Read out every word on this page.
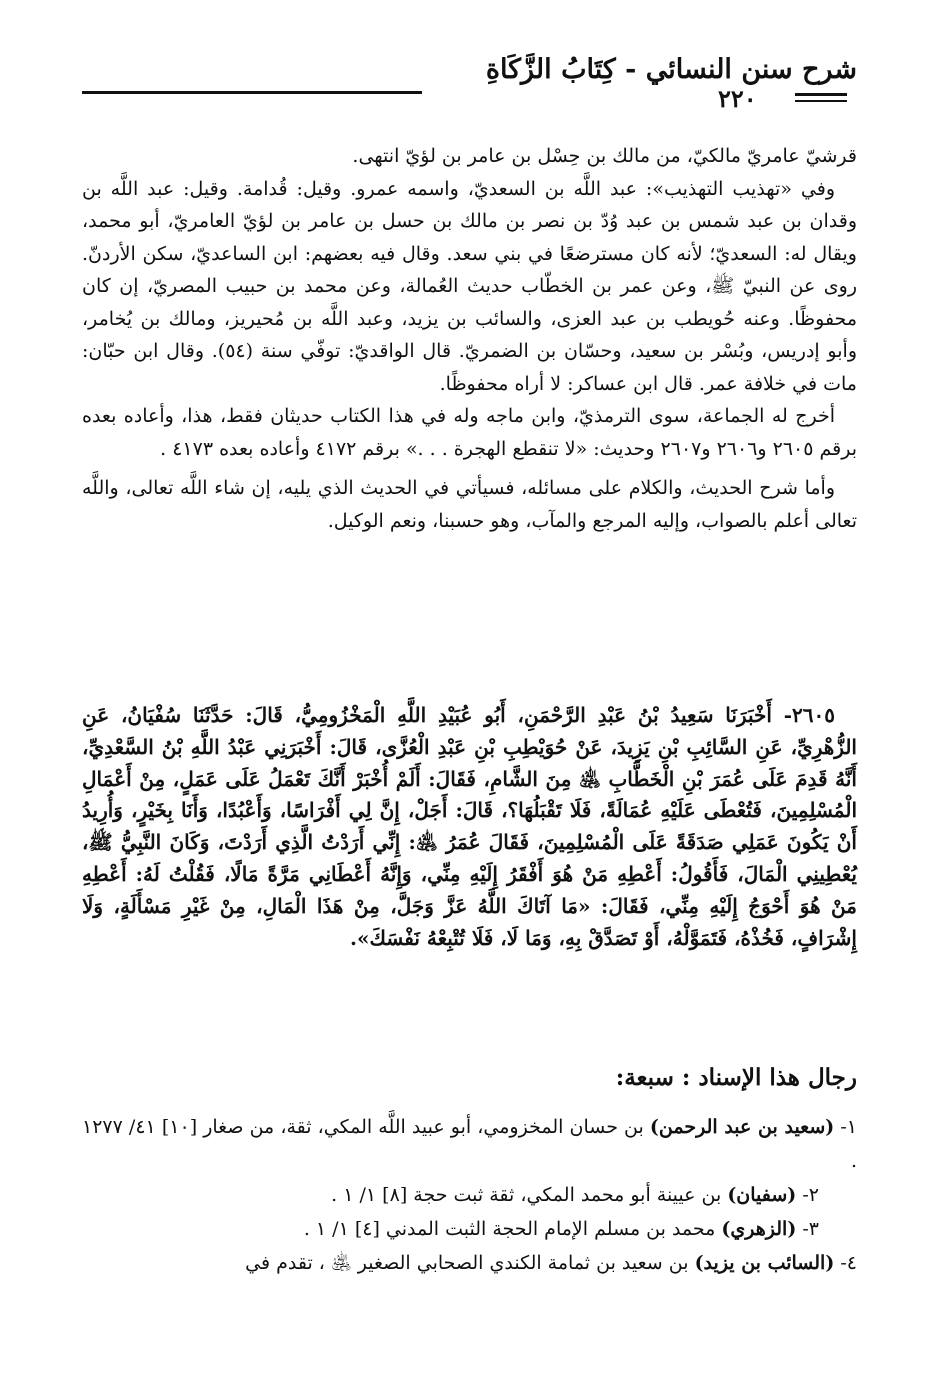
شرح سنن النسائي - كِتَابُ الزَّكَاةِ
٢٢٠

قرشيّ عامريّ مالكيّ، من مالك بن حِسْل بن عامر بن لؤيّ انتهى.

وفي «تهذيب التهذيب»: عبد اللَّه بن السعديّ، واسمه عمرو. وقيل: قُدامة. وقيل: عبد اللَّه بن وقدان بن عبد شمس بن عبد وُدّ بن نصر بن مالك بن حسل بن عامر بن لؤيّ العامريّ، أبو محمد، ويقال له: السعديّ؛ لأنه كان مسترضعًا في بني سعد. وقال فيه بعضهم: ابن الساعديّ، سكن الأردنّ. روى عن النبيّ ﷺ، وعن عمر بن الخطّاب حديث العُمالة، وعن محمد بن حبيب المصريّ، إن كان محفوظًا. وعنه حُويطب بن عبد العزى، والسائب بن يزيد، وعبد اللَّه بن مُحيريز، ومالك بن يُخامر، وأبو إدريس، وبُسْر بن سعيد، وحسّان بن الضمريّ. قال الواقديّ: توفّي سنة (٥٤). وقال ابن حبّان: مات في خلافة عمر. قال ابن عساكر: لا أراه محفوظًا.

أخرج له الجماعة، سوى الترمذيّ، وابن ماجه وله في هذا الكتاب حديثان فقط، هذا، وأعاده بعده برقم ٢٦٠٥ و٢٦٠٦ و٢٦٠٧ وحديث: «لا تنقطع الهجرة . . .» برقم ٤١٧٢ وأعاده بعده ٤١٧٣ .

وأما شرح الحديث، والكلام على مسائله، فسيأتي في الحديث الذي يليه، إن شاء اللَّه تعالى، واللَّه تعالى أعلم بالصواب، وإليه المرجع والمآب، وهو حسبنا، ونعم الوكيل.

٢٦٠٥- أَخْبَرَنَا سَعِيدُ بْنُ عَبْدِ الرَّحْمَنِ، أَبُو عُبَيْدِ اللَّهِ الْمَخْزُومِيُّ، قَالَ: حَدَّثَنَا سُفْيَانُ، عَنِ الزُّهْرِيِّ، عَنِ السَّائِبِ بْنِ يَزِيدَ، عَنْ حُوَيْطِبِ بْنِ عَبْدِ الْعُزَّى، قَالَ: أَخْبَرَنِي عَبْدُ اللَّهِ بْنُ السَّعْدِيِّ، أَنَّهُ قَدِمَ عَلَى عُمَرَ بْنِ الْخَطَّابِ ﵁ مِنَ الشَّامِ، فَقَالَ: أَلَمْ أُخْبَرْ أَنَّكَ تَعْمَلُ عَلَى عَمَلٍ، مِنْ أَعْمَالِ الْمُسْلِمِينَ، فَتُعْطَى عَلَيْهِ عُمَالَةً، فَلَا تَقْبَلُهَا؟، قَالَ: أَجَلْ، إِنَّ لِي أَفْرَاسًا، وَأَعْبُدًا، وَأَنَا بِخَيْرٍ، وَأُرِيدُ أَنْ يَكُونَ عَمَلِي صَدَقَةً عَلَى الْمُسْلِمِينَ، فَقَالَ عُمَرُ ﵁: إِنِّي أَرَدْتُ الَّذِي أَرَدْتَ، وَكَانَ النَّبِيُّ ﷺ، يُعْطِينِي الْمَالَ، فَأَقُولُ: أَعْطِهِ مَنْ هُوَ أَفْقَرُ إِلَيْهِ مِنِّي، وَإِنَّهُ أَعْطَانِي مَرَّةً مَالًا، فَقُلْتُ لَهُ: أَعْطِهِ مَنْ هُوَ أَحْوَجُ إِلَيْهِ مِنِّي، فَقَالَ: «مَا آتَاكَ اللَّهُ عَزَّ وَجَلَّ، مِنْ هَذَا الْمَالِ، مِنْ غَيْرِ مَسْأَلَةٍ، وَلَا إِشْرَافٍ، فَخُذْهُ، فَتَمَوَّلْهُ، أَوْ تَصَدَّقْ بِهِ، وَمَا لَا، فَلَا تُتْبِعْهُ نَفْسَكَ».

رجال هذا الإسناد : سبعة:

١- (سعيد بن عبد الرحمن) بن حسان المخزومي، أبو عبيد اللَّه المكي، ثقة، من صغار [١٠] ٤١/ ١٢٧٧ .

٢- (سفيان) بن عيينة أبو محمد المكي، ثقة ثبت حجة [٨] ١/ ١ .

٣- (الزهري) محمد بن مسلم الإمام الحجة الثبت المدني [٤] ١/ ١ .

٤- (السائب بن يزيد) بن سعيد بن ثمامة الكندي الصحابي الصغير ﵁ ، تقدم في
